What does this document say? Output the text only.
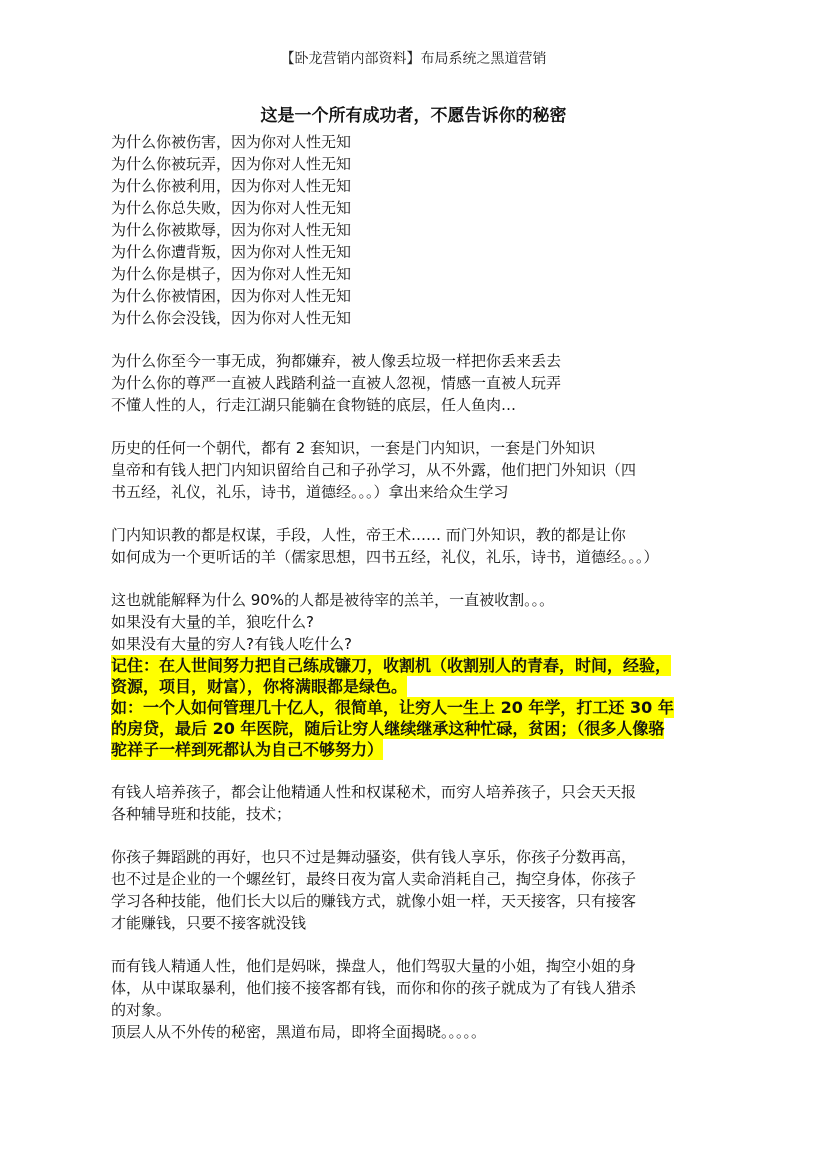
【卧龙营销内部资料】布局系统之黑道营销
这是一个所有成功者，不愿告诉你的秘密
为什么你被伤害，因为你对人性无知
为什么你被玩弄，因为你对人性无知
为什么你被利用，因为你对人性无知
为什么你总失败，因为你对人性无知
为什么你被欺辱，因为你对人性无知
为什么你遭背叛，因为你对人性无知
为什么你是棋子，因为你对人性无知
为什么你被情困，因为你对人性无知
为什么你会没钱，因为你对人性无知
为什么你至今一事无成，狗都嫌弃，被人像丢垃圾一样把你丢来丢去
为什么你的尊严一直被人践踏利益一直被人忽视，情感一直被人玩弄
不懂人性的人，行走江湖只能躺在食物链的底层，任人鱼肉…
历史的任何一个朝代，都有 2 套知识，一套是门内知识，一套是门外知识
皇帝和有钱人把门内知识留给自己和子孙学习，从不外露，他们把门外知识（四
书五经，礼仪，礼乐，诗书，道德经。。。）拿出来给众生学习
门内知识教的都是权谋，手段，人性，帝王术…… 而门外知识，教的都是让你
如何成为一个更听话的羊（儒家思想，四书五经，礼仪，礼乐，诗书，道德经。。。）
这也就能解释为什么 90%的人都是被待宰的羔羊，一直被收割。。。
如果没有大量的羊，狼吃什么?
如果没有大量的穷人?有钱人吃什么?
记住：在人世间努力把自己练成镰刀，收割机（收割别人的青春，时间，经验，

资源，项目，财富），你将满眼都是绿色。

如：一个人如何管理几十亿人，很简单，让穷人一生上 20 年学，打工还 30 年

的房贷，最后 20 年医院，随后让穷人继续继承这种忙碌，贫困；（很多人像骆

驼祥子一样到死都认为自己不够努力）
有钱人培养孩子，都会让他精通人性和权谋秘术，而穷人培养孩子，只会天天报
各种辅导班和技能，技术；
你孩子舞蹈跳的再好，也只不过是舞动骚姿，供有钱人享乐，你孩子分数再高，
也不过是企业的一个螺丝钉，最终日夜为富人卖命消耗自己，掏空身体，你孩子
学习各种技能，他们长大以后的赚钱方式，就像小姐一样，天天接客，只有接客
才能赚钱，只要不接客就没钱
而有钱人精通人性，他们是妈咪，操盘人，他们驾驭大量的小姐，掏空小姐的身
体，从中谋取暴利，他们接不接客都有钱，而你和你的孩子就成为了有钱人猎杀
的对象。
顶层人从不外传的秘密，黑道布局，即将全面揭晓。。。。。
